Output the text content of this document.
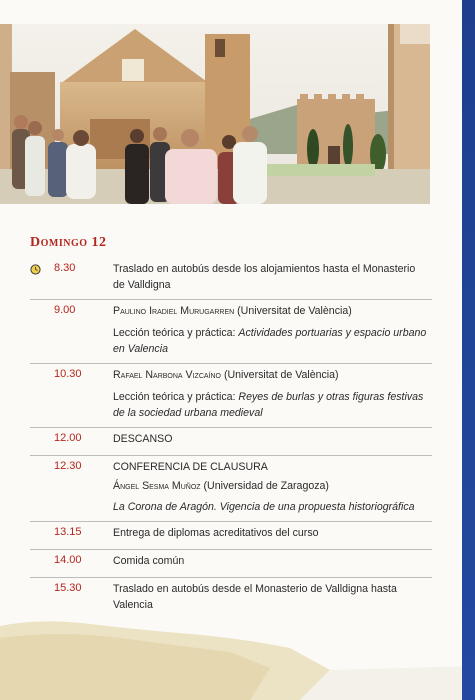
Domingo 12
8.30	Traslado en autobús desde los alojamientos hasta el Monasterio
de Valldigna
9.00	Paulino Iradiel Murugarren (Universitat de València)
Lección teórica y práctica: Actividades portuarias y espacio urbano
en Valencia
10.30	Rafael Narbona Vizcaíno (Universitat de València)
Lección teórica y práctica: Reyes de burlas y otras figuras festivas
de la sociedad urbana medieval
12.00	DESCANSO
12.30	CONFERENCIA DE CLAUSURA
Ángel Sesma Muñoz (Universidad de Zaragoza)
La Corona de Aragón. Vigencia de una propuesta historiográfica
13.15	Entrega de diplomas acreditativos del curso
14.00	Comida común
15.30	Traslado en autobús desde el Monasterio de Valldigna hasta
Valencia
